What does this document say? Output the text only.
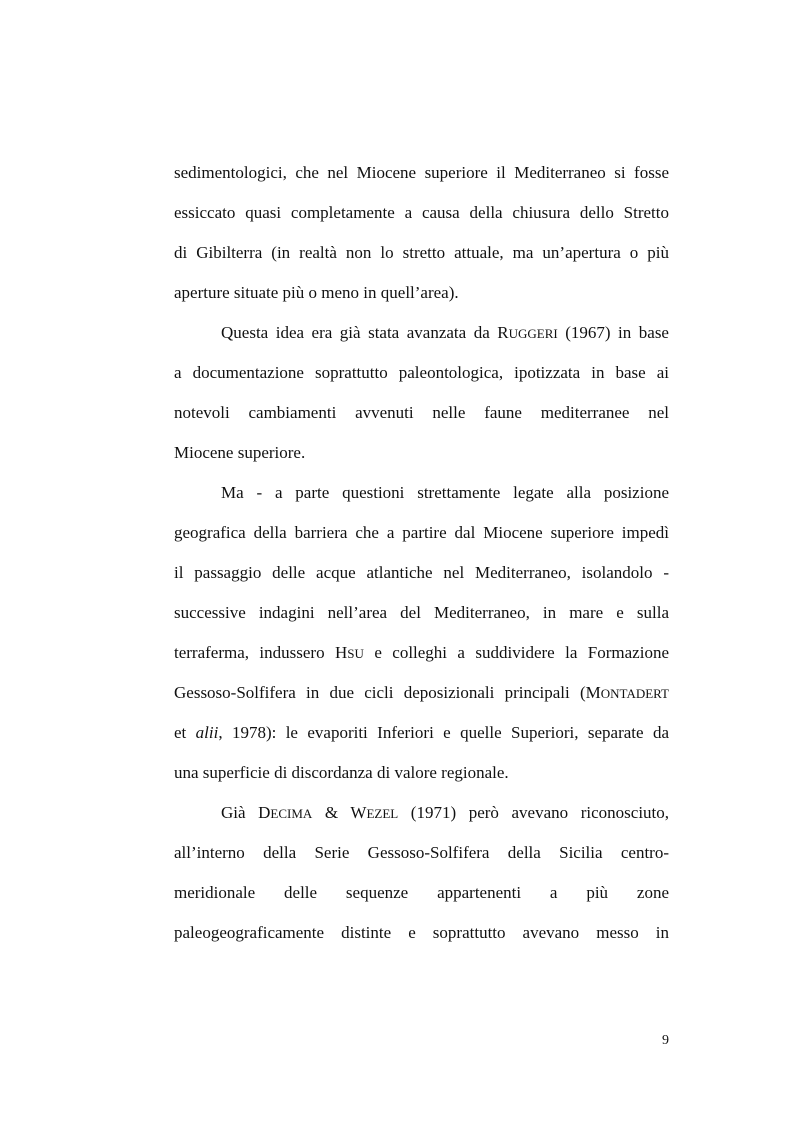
sedimentologici, che nel Miocene superiore il Mediterraneo si fosse
essiccato quasi completamente a causa della chiusura dello Stretto
di Gibilterra (in realtà non lo stretto attuale, ma un’apertura o più
aperture situate più o meno in quell’area).
Questa idea era già stata avanzata da RUGGERI (1967) in base
a documentazione soprattutto paleontologica, ipotizzata in base ai
notevoli cambiamenti avvenuti nelle faune mediterranee nel
Miocene superiore.
Ma - a parte questioni strettamente legate alla posizione
geografica della barriera che a partire dal Miocene superiore impedì
il passaggio delle acque atlantiche nel Mediterraneo, isolandolo -
successive indagini nell’area del Mediterraneo, in mare e sulla
terraferma, indussero HSU e colleghi a suddividere la Formazione
Gessoso-Solfifera in due cicli deposizionali principali (MONTADERT
et alii, 1978): le evaporiti Inferiori e quelle Superiori, separate da
una superficie di discordanza di valore regionale.
Già DECIMA & WEZEL (1971) però avevano riconosciuto,
all’interno della Serie Gessoso-Solfifera della Sicilia centro-
meridionale delle sequenze appartenenti a più zone
paleogeograficamente distinte e soprattutto avevano messo in
9
